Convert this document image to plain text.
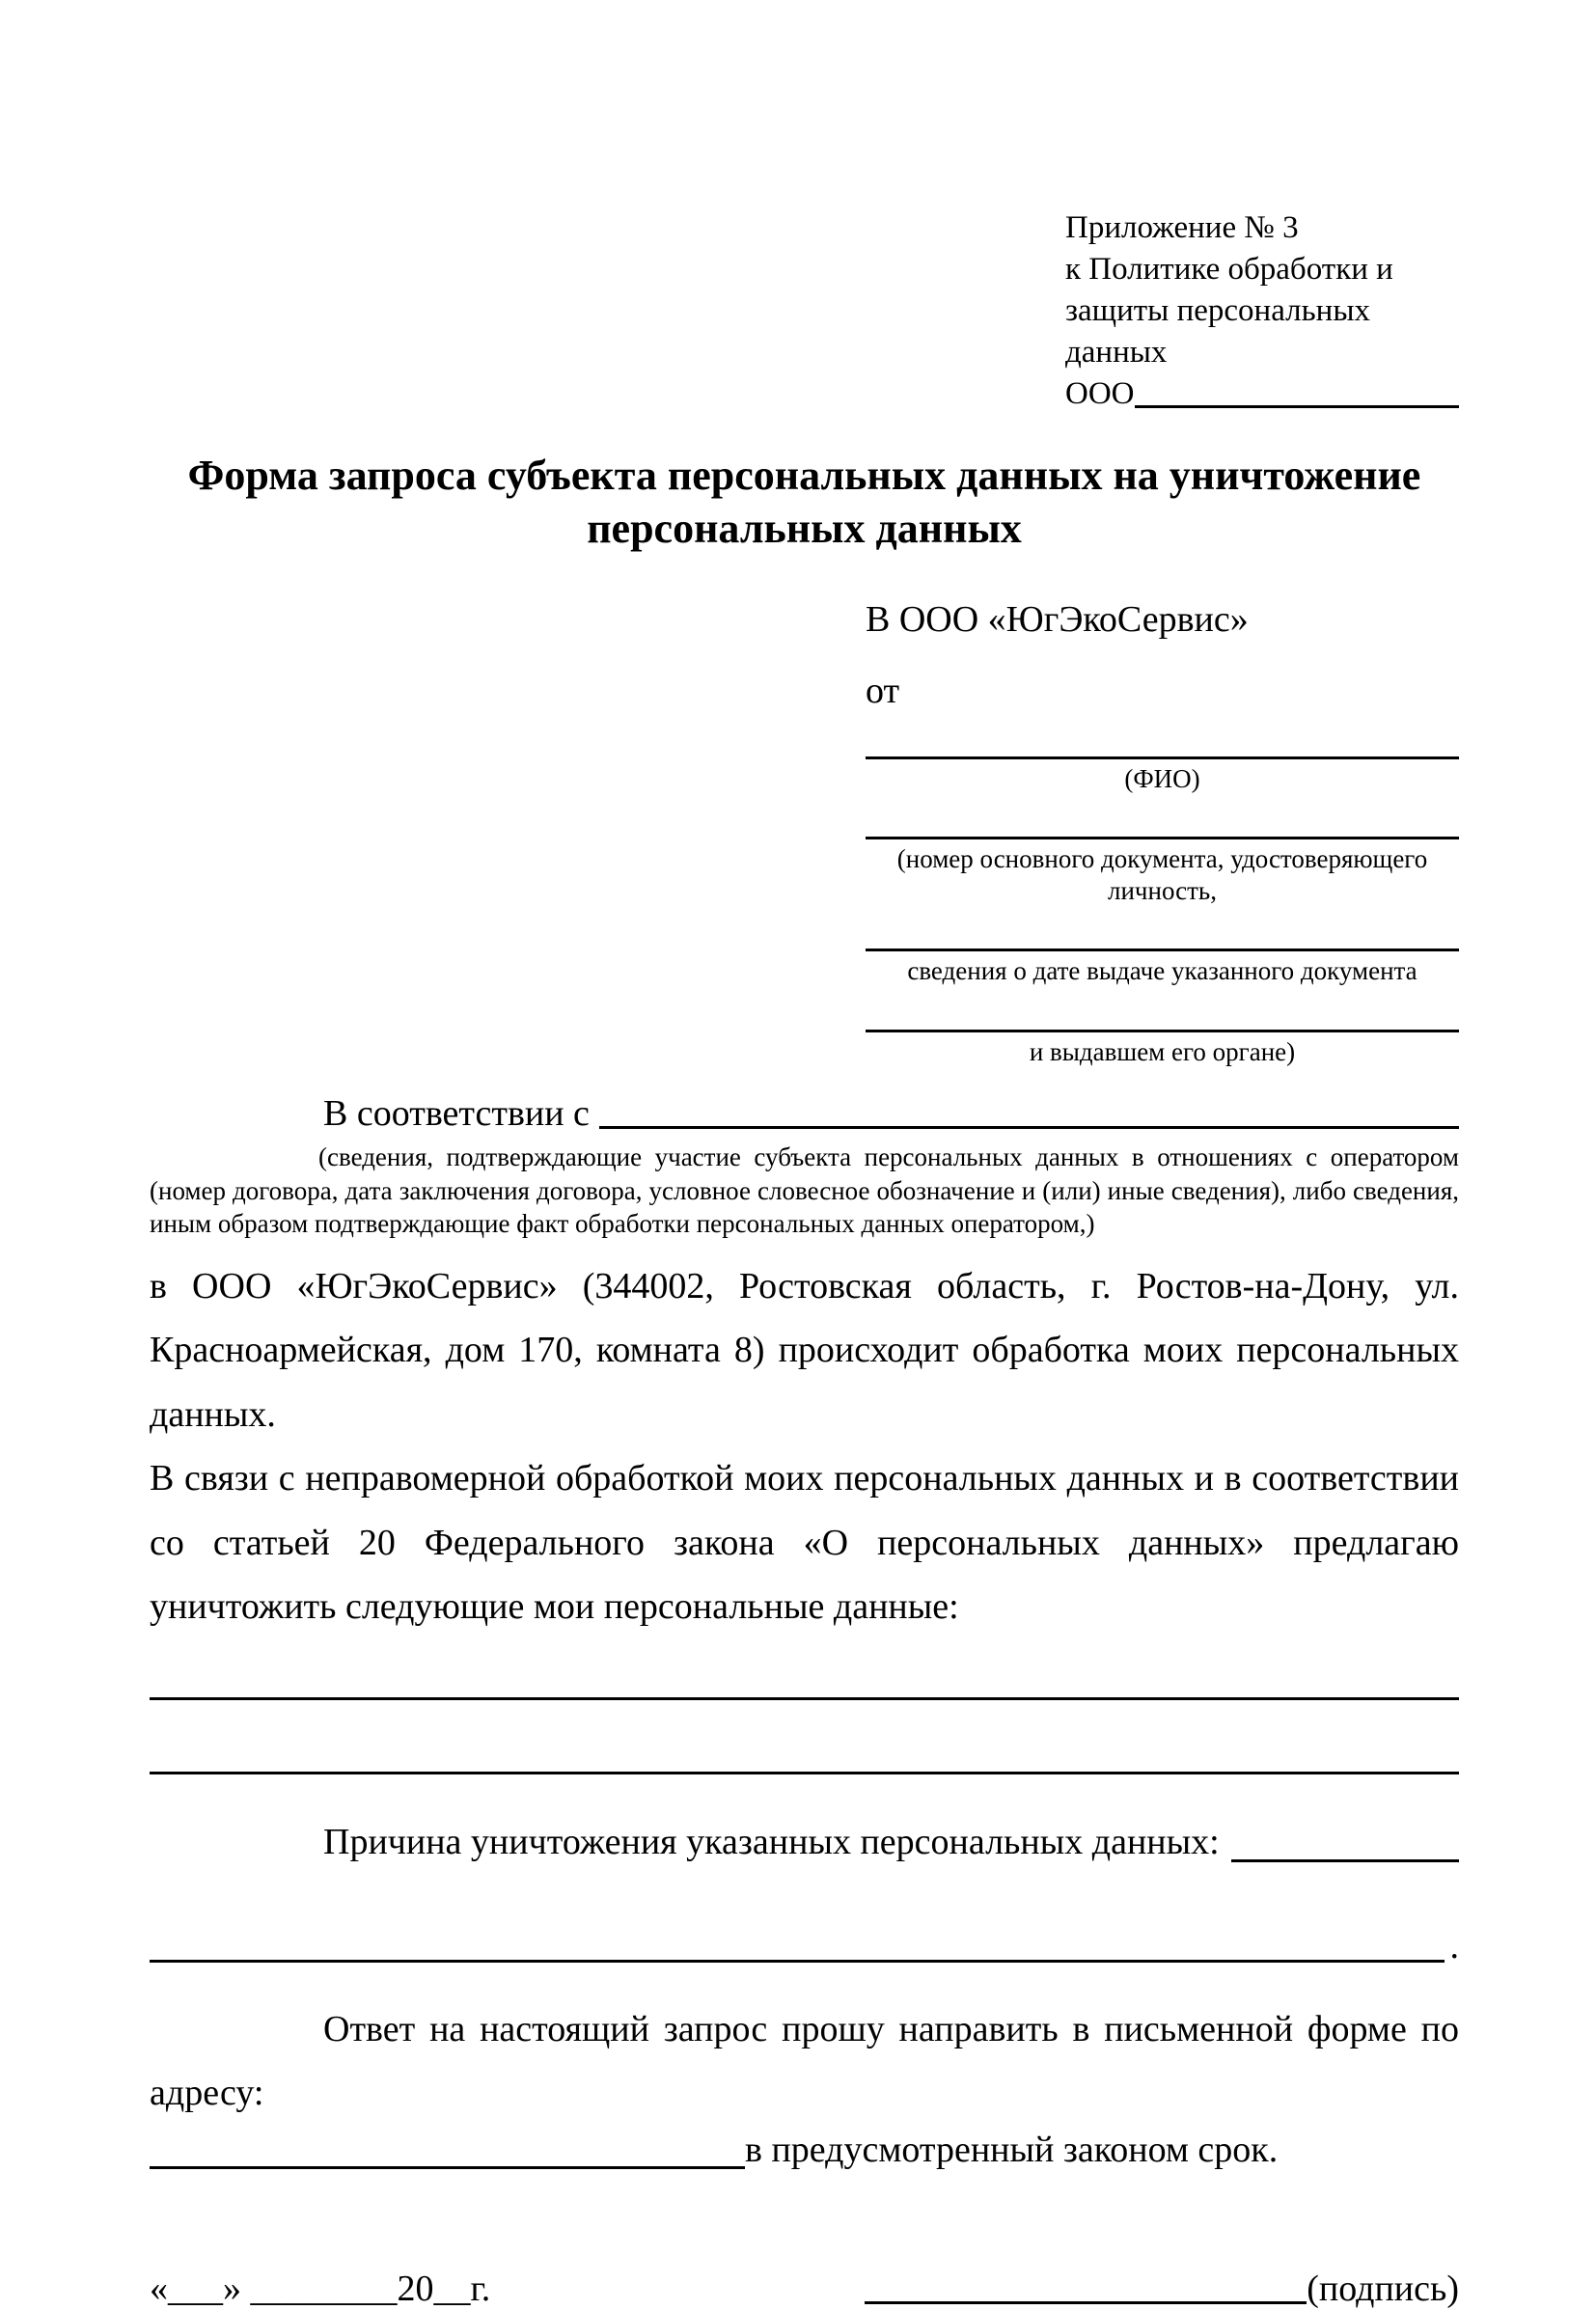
Приложение № 3
к Политике обработки и
защиты персональных данных
ООО
Форма запроса субъекта персональных данных на уничтожение персональных данных
В ООО «ЮгЭкоСервис»
от
(ФИО)
(номер основного документа, удостоверяющего личность,
сведения о дате выдаче указанного документа
и выдавшем его органе)
В соответствии с

(сведения, подтверждающие участие субъекта персональных данных в отношениях с оператором (номер договора, дата заключения договора, условное словесное обозначение и (или) иные сведения), либо сведения, иным образом подтверждающие факт обработки персональных данных оператором,)

в ООО «ЮгЭкоСервис» (344002, Ростовская область, г. Ростов-на-Дону, ул. Красноармейская, дом 170, комната 8) происходит обработка моих персональных данных.

В связи с неправомерной обработкой моих персональных данных и в соответствии со статьей 20 Федерального закона «О персональных данных» предлагаю уничтожить следующие мои персональные данные:

Причина уничтожения указанных персональных данных:
.

Ответ на настоящий запрос прошу направить в письменной форме по адресу:

в предусмотренный законом срок.
«___» ________20__г.	(подпись)
